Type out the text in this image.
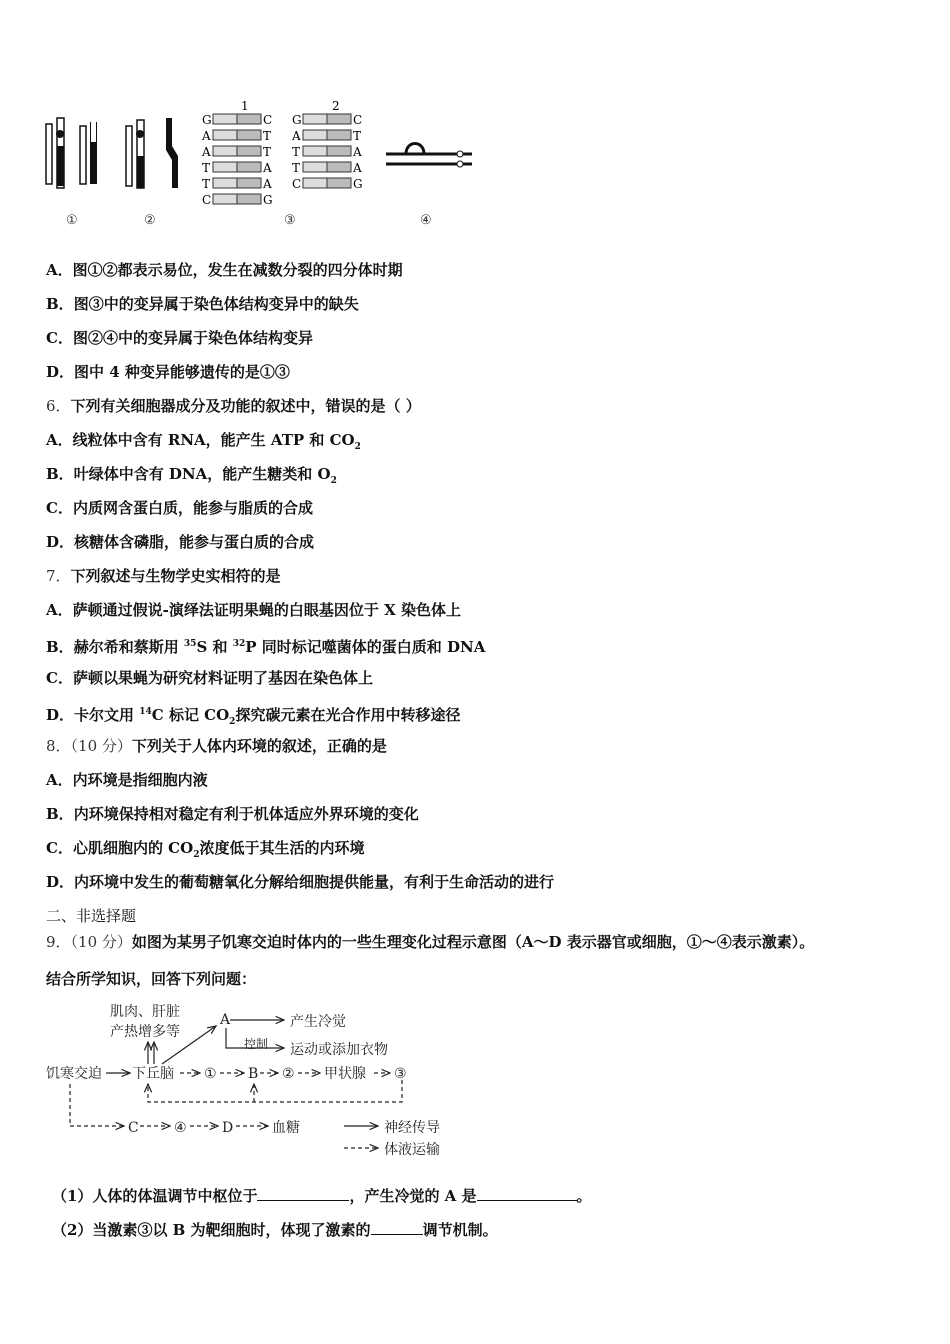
1	2
G	C
A	T
A	T
T	A
T	A
C	G
G	C
A	T
T	A
T	A
C	G
①	②	③	④
A．图①②都表示易位，发生在减数分裂的四分体时期
B．图③中的变异属于染色体结构变异中的缺失
C．图②④中的变异属于染色体结构变异
D．图中 4 种变异能够遗传的是①③
6．下列有关细胞器成分及功能的叙述中，错误的是（ ）
A．线粒体中含有 RNA，能产生 ATP 和 $CO_2$
B．叶绿体中含有 DNA，能产生糖类和 $O_2$
C．内质网含蛋白质，能参与脂质的合成
D．核糖体含磷脂，能参与蛋白质的合成
7．下列叙述与生物学史实相符的是
A．萨顿通过假说-演绎法证明果蝇的白眼基因位于 X 染色体上
B．赫尔希和蔡斯用 $^{35}$S 和 $^{32}$P 同时标记噬菌体的蛋白质和 DNA
C．萨顿以果蝇为研究材料证明了基因在染色体上
D．卡尔文用 $^{14}$C 标记 $CO_2$探究碳元素在光合作用中转移途径
8．（10 分）下列关于人体内环境的叙述，正确的是
A．内环境是指细胞内液
B．内环境保持相对稳定有利于机体适应外界环境的变化
C．心肌细胞内的 $CO_2$浓度低于其生活的内环境
D．内环境中发生的葡萄糖氧化分解给细胞提供能量，有利于生命活动的进行
二、非选择题
9．（10 分）如图为某男子饥寒交迫时体内的一些生理变化过程示意图（A～D 表示器官或细胞，①～④表示激素）。
结合所学知识，回答下列问题：
肌肉、肝脏
产热增多等
A	产生冷觉
控制 运动或添加衣物
饥寒交迫 下丘脑 ① B ② 甲状腺 ③
C	④	D	血糖	神经传导
体液运输
（1）人体的体温调节中枢位于	，产生冷觉的 A 是	。
（2）当激素③以 B 为靶细胞时，体现了激素的	调节机制。
